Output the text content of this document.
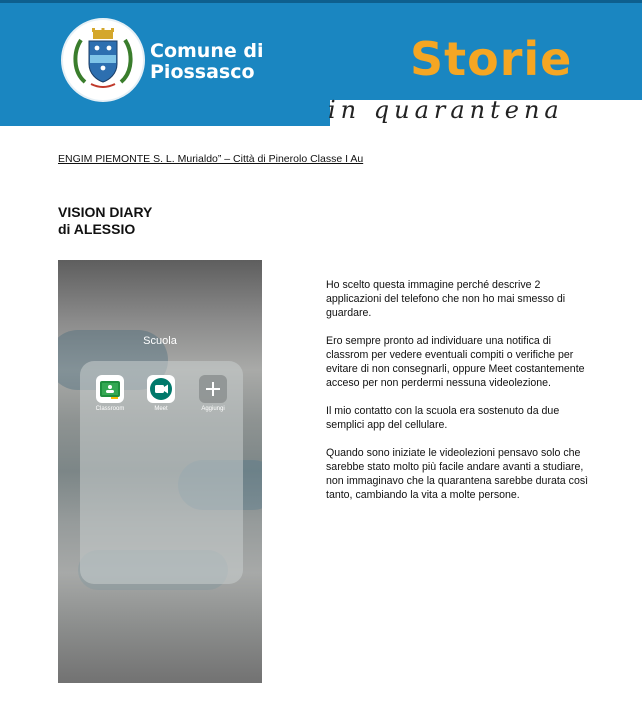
Comune di
Piossasco	Storie
in quarantena
ENGIM PIEMONTE S. L. Murialdo” – Città di Pinerolo Classe I Au
VISION DIARY
di ALESSIO
Scuola
Classroom	Meet	Aggiungi

Ho scelto questa immagine perché descrive 2 applicazioni del telefono che non ho mai smesso di guardare.

Ero sempre pronto ad individuare una notifica di classrom per vedere eventuali compiti o verifiche per evitare di non consegnarli, oppure Meet costantemente acceso per non perdermi nessuna videolezione.

Il mio contatto con la scuola era sostenuto da due semplici app del cellulare.

Quando sono iniziate le videolezioni pensavo solo che sarebbe stato molto più facile andare avanti a studiare, non immaginavo che la quarantena sarebbe durata così tanto, cambiando la vita a molte persone.
